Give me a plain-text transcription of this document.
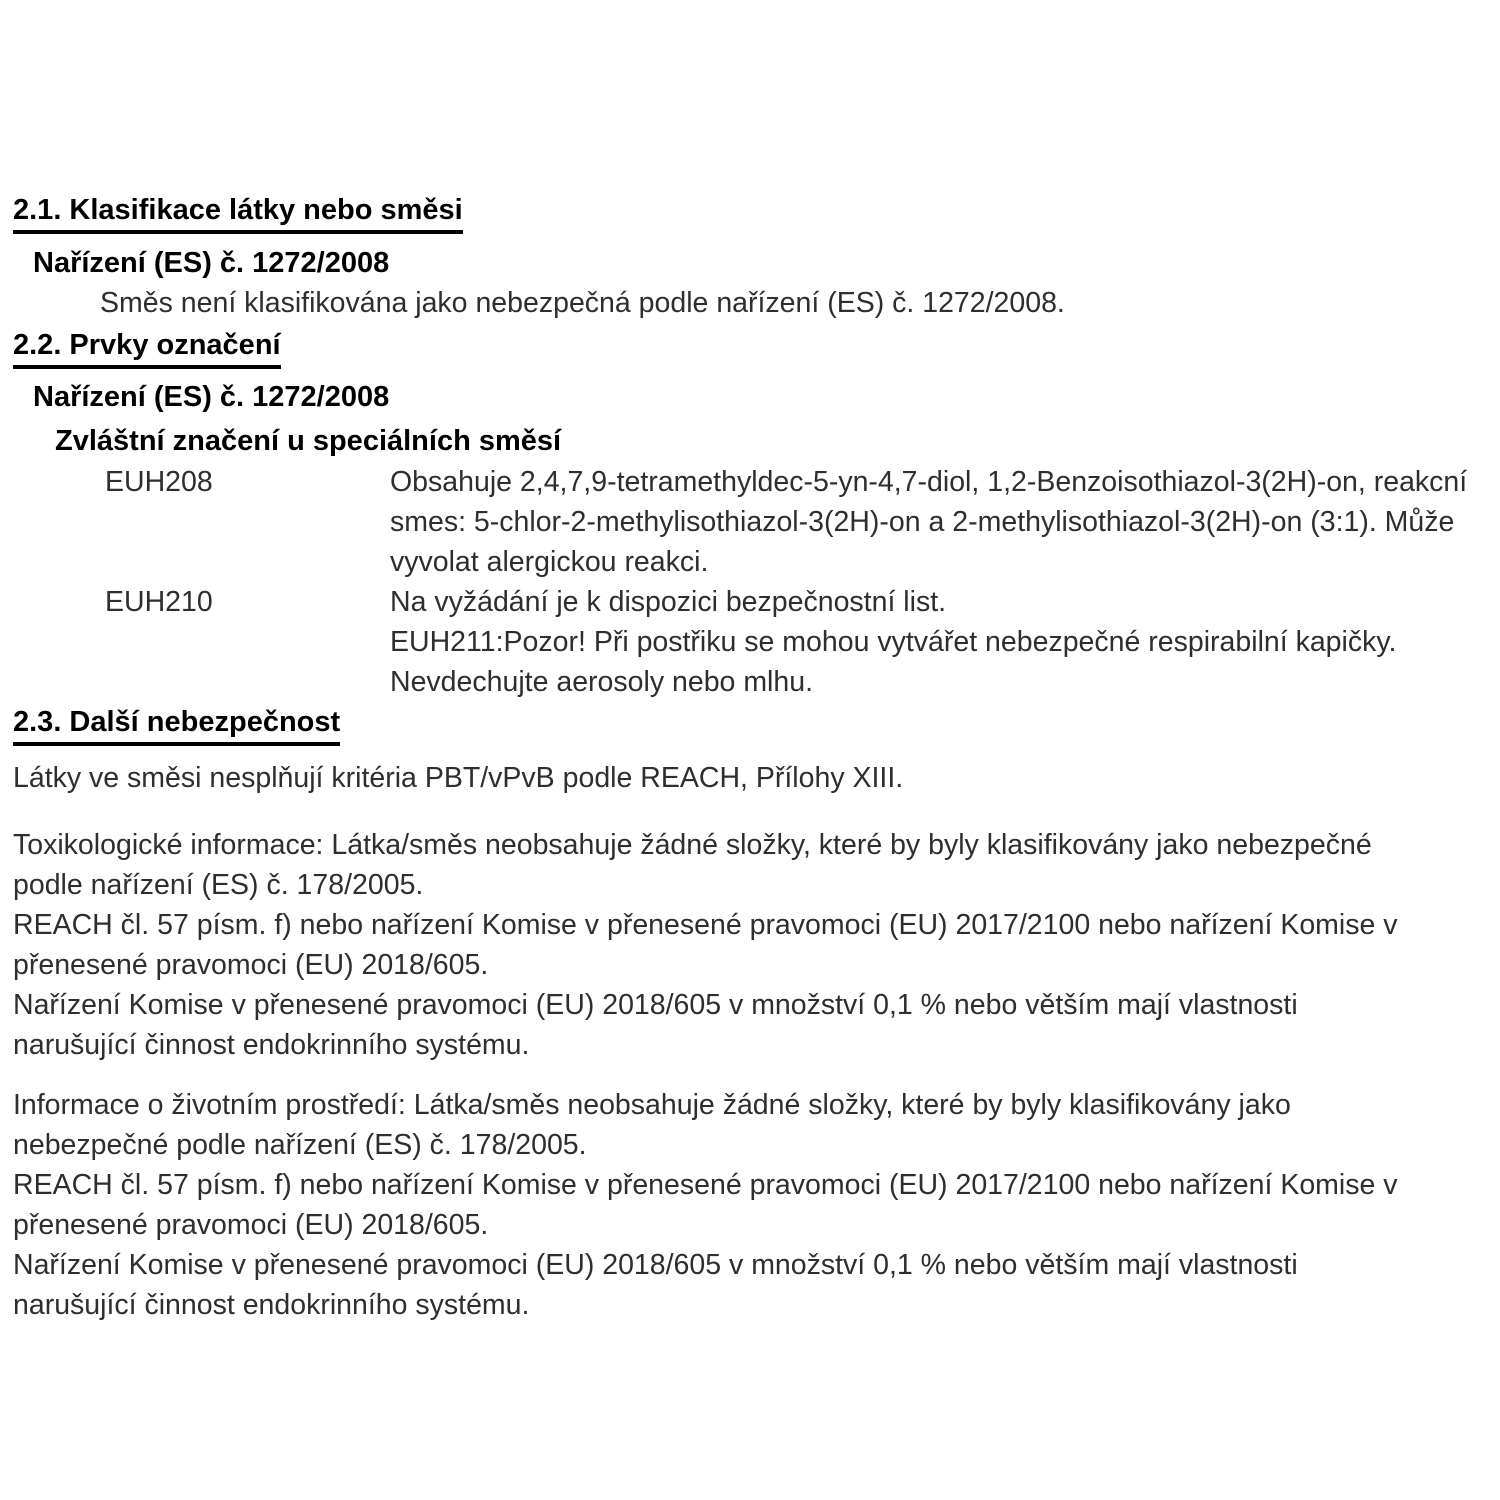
2.1. Klasifikace látky nebo směsi
Nařízení (ES) č. 1272/2008

Směs není klasifikována jako nebezpečná podle nařízení (ES) č. 1272/2008.

2.2. Prvky označení
Nařízení (ES) č. 1272/2008
Zvláštní značení u speciálních směsí
EUH208	Obsahuje 2,4,7,9-tetramethyldec-5-yn-4,7-diol, 1,2-Benzoisothiazol-3(2H)-on, reakcní
smes: 5-chlor-2-methylisothiazol-3(2H)-on a 2-methylisothiazol-3(2H)-on (3:1). Může
vyvolat alergickou reakci.
EUH210	Na vyžádání je k dispozici bezpečnostní list.
EUH211:Pozor! Při postřiku se mohou vytvářet nebezpečné respirabilní kapičky.
Nevdechujte aerosoly nebo mlhu.
2.3. Další nebezpečnost

Látky ve směsi nesplňují kritéria PBT/vPvB podle REACH, Přílohy XIII.

Toxikologické informace: Látka/směs neobsahuje žádné složky, které by byly klasifikovány jako nebezpečné
podle nařízení (ES) č. 178/2005.
REACH čl. 57 písm. f) nebo nařízení Komise v přenesené pravomoci (EU) 2017/2100 nebo nařízení Komise v
přenesené pravomoci (EU) 2018/605.
Nařízení Komise v přenesené pravomoci (EU) 2018/605 v množství 0,1 % nebo větším mají vlastnosti
narušující činnost endokrinního systému.
Informace o životním prostředí: Látka/směs neobsahuje žádné složky, které by byly klasifikovány jako
nebezpečné podle nařízení (ES) č. 178/2005.
REACH čl. 57 písm. f) nebo nařízení Komise v přenesené pravomoci (EU) 2017/2100 nebo nařízení Komise v
přenesené pravomoci (EU) 2018/605.
Nařízení Komise v přenesené pravomoci (EU) 2018/605 v množství 0,1 % nebo větším mají vlastnosti
narušující činnost endokrinního systému.
